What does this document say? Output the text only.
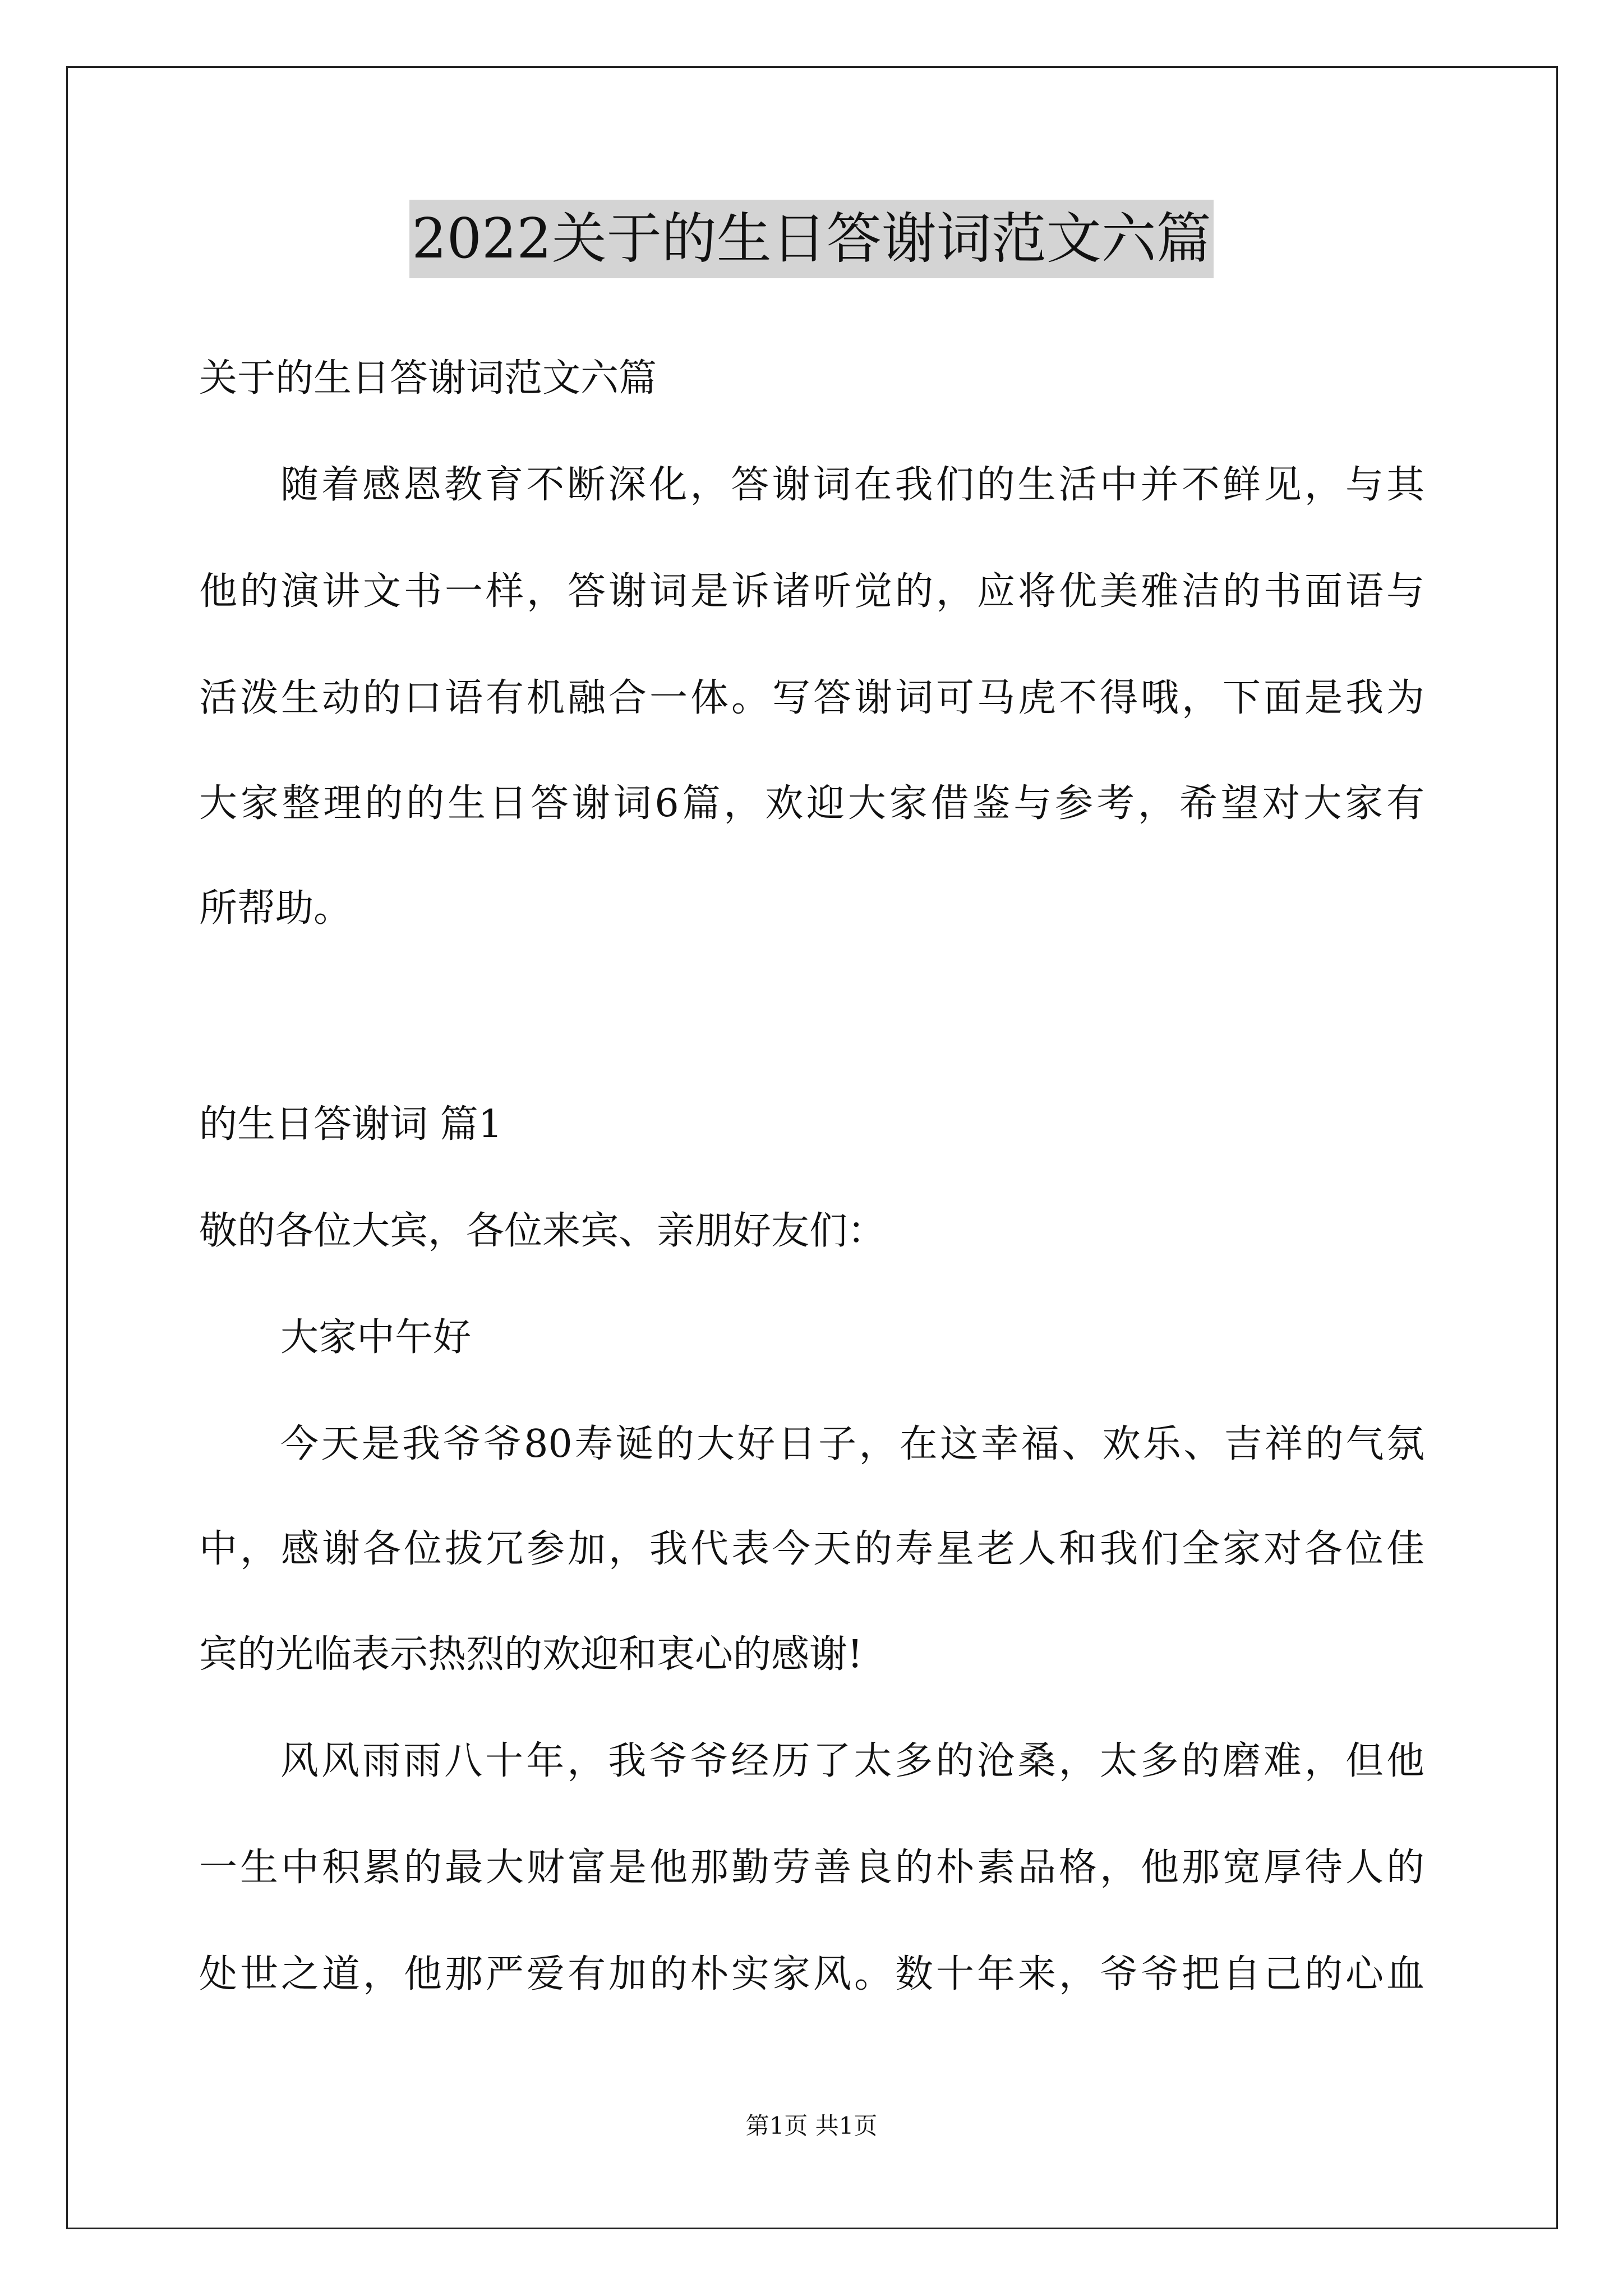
2022关于的生日答谢词范文六篇
关于的生日答谢词范文六篇
随着感恩教育不断深化，答谢词在我们的生活中并不鲜见，与其
他的演讲文书一样，答谢词是诉诸听觉的，应将优美雅洁的书面语与
活泼生动的口语有机融合一体。写答谢词可马虎不得哦，下面是我为
大家整理的的生日答谢词6篇，欢迎大家借鉴与参考，希望对大家有
所帮助。
的生日答谢词 篇1
敬的各位大宾，各位来宾、亲朋好友们：
大家中午好
今天是我爷爷80寿诞的大好日子，在这幸福、欢乐、吉祥的气氛
中，感谢各位拔冗参加，我代表今天的寿星老人和我们全家对各位佳
宾的光临表示热烈的欢迎和衷心的感谢!
风风雨雨八十年，我爷爷经历了太多的沧桑，太多的磨难，但他
一生中积累的最大财富是他那勤劳善良的朴素品格，他那宽厚待人的
处世之道，他那严爱有加的朴实家风。数十年来，爷爷把自己的心血
第1页 共1页
